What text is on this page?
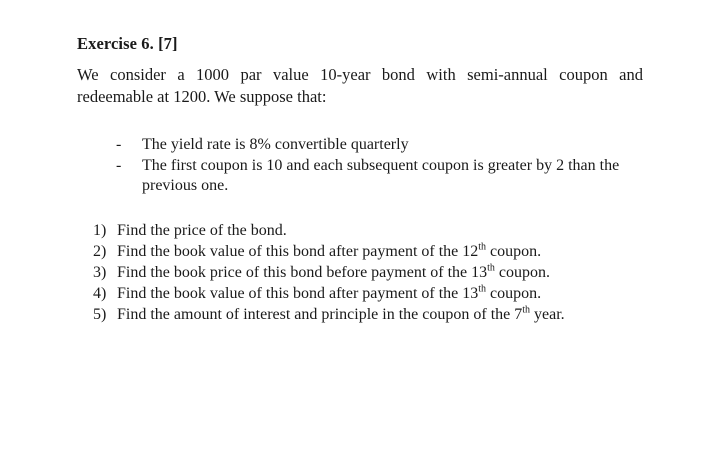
Exercise 6. [7]

We consider a 1000 par value 10-year bond with semi-annual coupon and
redeemable at 1200. We suppose that:

- The yield rate is 8% convertible quarterly
- The first coupon is 10 and each subsequent coupon is greater by 2 than the
previous one.
1) Find the price of the bond.
2) Find the book value of this bond after payment of the 12th coupon.
3) Find the book price of this bond before payment of the 13th coupon.
4) Find the book value of this bond after payment of the 13th coupon.
5) Find the amount of interest and principle in the coupon of the 7th year.
